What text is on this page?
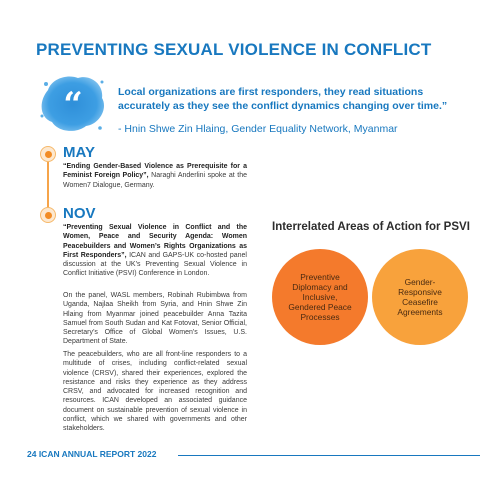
PREVENTING SEXUAL VIOLENCE IN CONFLICT
“	Local organizations are first responders, they read situations accurately as they see the conflict dynamics changing over time.”

- Hnin Shwe Zin Hlaing, Gender Equality Network, Myanmar

MAY

“Ending Gender-Based Violence as Prerequisite for a Feminist Foreign Policy”, Naraghi Anderlini spoke at the Women7 Dialogue, Germany.

NOV

“Preventing Sexual Violence in Conflict and the Women, Peace and Security Agenda: Women Peacebuilders and Women’s Rights Organizations as First Responders”, ICAN and GAPS-UK co-hosted panel discussion at the UK’s Preventing Sexual Violence in Conflict Initiative (PSVI) Conference in London.

On the panel, WASL members, Robinah Rubimbwa from Uganda, Najlaa Sheikh from Syria, and Hnin Shwe Zin Hlaing from Myanmar joined peacebuilder Anna Tazita Samuel from South Sudan and Kat Fotovat, Senior Official, Secretary’s Office of Global Women’s Issues, U.S. Department of State.

The peacebuilders, who are all front-line responders to a multitude of crises, including conflict-related sexual violence (CRSV), shared their experiences, explored the resistance and risks they experience as they address CRSV, and advocated for increased recognition and resources. ICAN developed an associated guidance document on sustainable prevention of sexual violence in conflict, which we shared with governments and other stakeholders.

Interrelated Areas of Action for PSVI
Preventive Diplomacy and Inclusive, Gendered Peace Processes
Gender-Responsive Ceasefire Agreements
24 ICAN ANNUAL REPORT 2022
